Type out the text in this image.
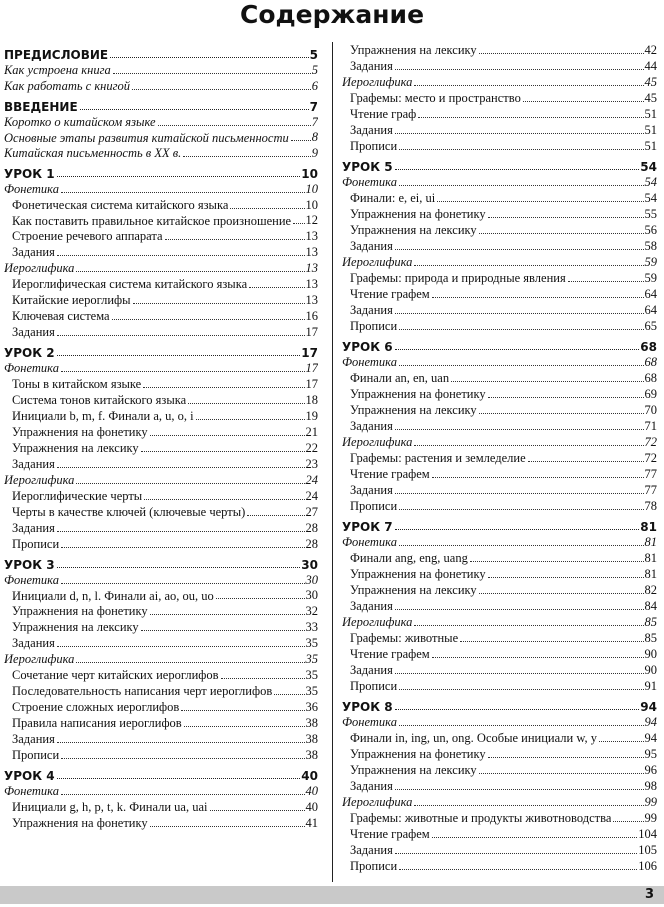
Содержание
ПРЕДИСЛОВИЕ	5
Как устроена книга	5
Как работать с книгой	6
ВВЕДЕНИЕ	7
Коротко о китайском языке	7
Основные этапы развития китайской письменности 8
Китайская письменность в XX в.	9
УРОК 1	10
Фонетика	10
Фонетическая система китайского языка	10
Как поставить правильное китайское произношение 12
Строение речевого аппарата	13
Задания	13
Иероглифика	13
Иероглифическая система китайского языка	13
Китайские иероглифы	13
Ключевая система	16
Задания	17
УРОК 2	17
Фонетика	17
Тоны в китайском языке	17
Система тонов китайского языка	18
Инициали b, m, f. Финали a, u, o, i	19
Упражнения на фонетику	21
Упражнения на лексику	22
Задания	23
Иероглифика	24
Иероглифические черты	24
Черты в качестве ключей (ключевые черты)	27
Задания	28
Прописи	28
УРОК 3	30
Фонетика	30
Инициали d, n, l. Финали ai, ao, ou, uo	30
Упражнения на фонетику	32
Упражнения на лексику	33
Задания	35
Иероглифика	35
Сочетание черт китайских иероглифов	35
Последовательность написания черт иероглифов	35
Строение сложных иероглифов	36
Правила написания иероглифов	38
Задания	38
Прописи	38
УРОК 4	40
Фонетика	40
Инициали g, h, p, t, k. Финали ua, uai	40
Упражнения на фонетику	41
Упражнения на лексику	42
Задания	44
Иероглифика	45
Графемы: место и пространство	45
Чтение граф	51
Задания	51
Прописи	51
УРОК 5	54
Фонетика	54
Финали: e, ei, ui	54
Упражнения на фонетику	55
Упражнения на лексику	56
Задания	58
Иероглифика	59
Графемы: природа и природные явления	59
Чтение графем	64
Задания	64
Прописи	65
УРОК 6	68
Фонетика	68
Финали an, en, uan	68
Упражнения на фонетику	69
Упражнения на лексику	70
Задания	71
Иероглифика	72
Графемы: растения и земледелие	72
Чтение графем	77
Задания	77
Прописи	78
УРОК 7	81
Фонетика	81
Финали ang, eng, uang	81
Упражнения на фонетику	81
Упражнения на лексику	82
Задания	84
Иероглифика	85
Графемы: животные	85
Чтение графем	90
Задания	90
Прописи	91
УРОК 8	94
Фонетика	94
Финали in, ing, un, ong. Особые инициали w, y	94
Упражнения на фонетику	95
Упражнения на лексику	96
Задания	98
Иероглифика	99
Графемы: животные и продукты животноводства	99
Чтение графем	104
Задания	105
Прописи	106
3
